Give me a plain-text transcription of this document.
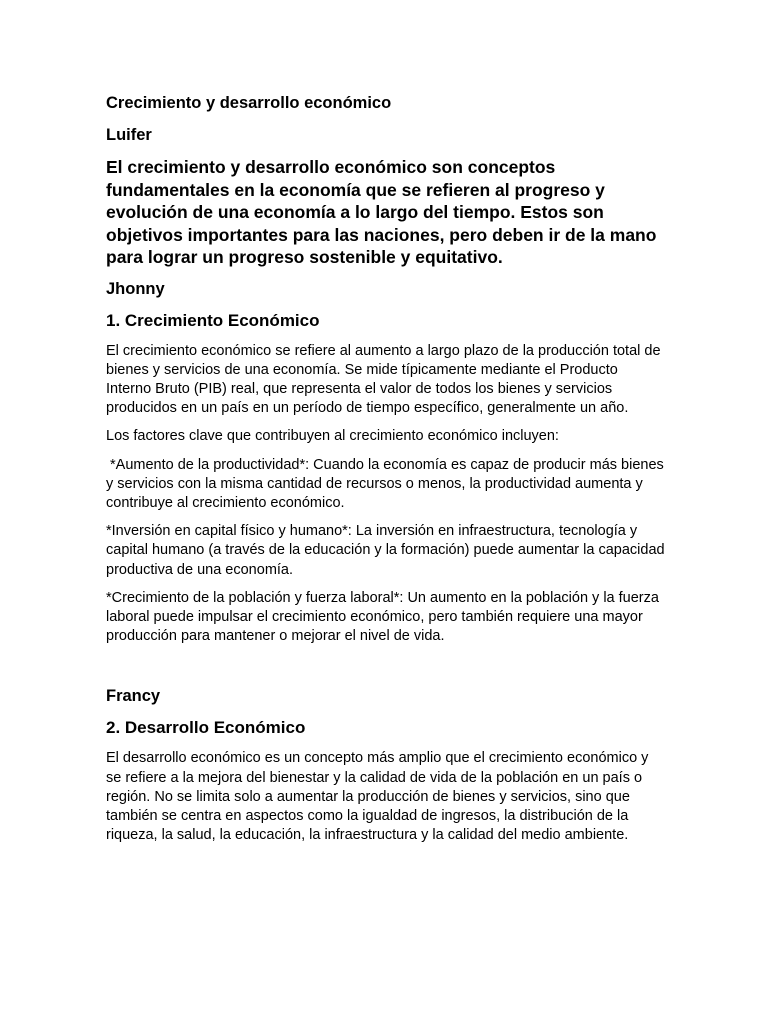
Crecimiento y desarrollo económico
Luifer
El crecimiento y desarrollo económico son conceptos fundamentales en la economía que se refieren al progreso y evolución de una economía a lo largo del tiempo. Estos son objetivos importantes para las naciones, pero deben ir de la mano para lograr un progreso sostenible y equitativo.
Jhonny
1. Crecimiento Económico

El crecimiento económico se refiere al aumento a largo plazo de la producción total de bienes y servicios de una economía. Se mide típicamente mediante el Producto Interno Bruto (PIB) real, que representa el valor de todos los bienes y servicios producidos en un país en un período de tiempo específico, generalmente un año.

Los factores clave que contribuyen al crecimiento económico incluyen:

*Aumento de la productividad*: Cuando la economía es capaz de producir más bienes y servicios con la misma cantidad de recursos o menos, la productividad aumenta y contribuye al crecimiento económico.

*Inversión en capital físico y humano*: La inversión en infraestructura, tecnología y capital humano (a través de la educación y la formación) puede aumentar la capacidad productiva de una economía.

*Crecimiento de la población y fuerza laboral*: Un aumento en la población y la fuerza laboral puede impulsar el crecimiento económico, pero también requiere una mayor producción para mantener o mejorar el nivel de vida.

Francy
2. Desarrollo Económico

El desarrollo económico es un concepto más amplio que el crecimiento económico y se refiere a la mejora del bienestar y la calidad de vida de la población en un país o región. No se limita solo a aumentar la producción de bienes y servicios, sino que también se centra en aspectos como la igualdad de ingresos, la distribución de la riqueza, la salud, la educación, la infraestructura y la calidad del medio ambiente.
